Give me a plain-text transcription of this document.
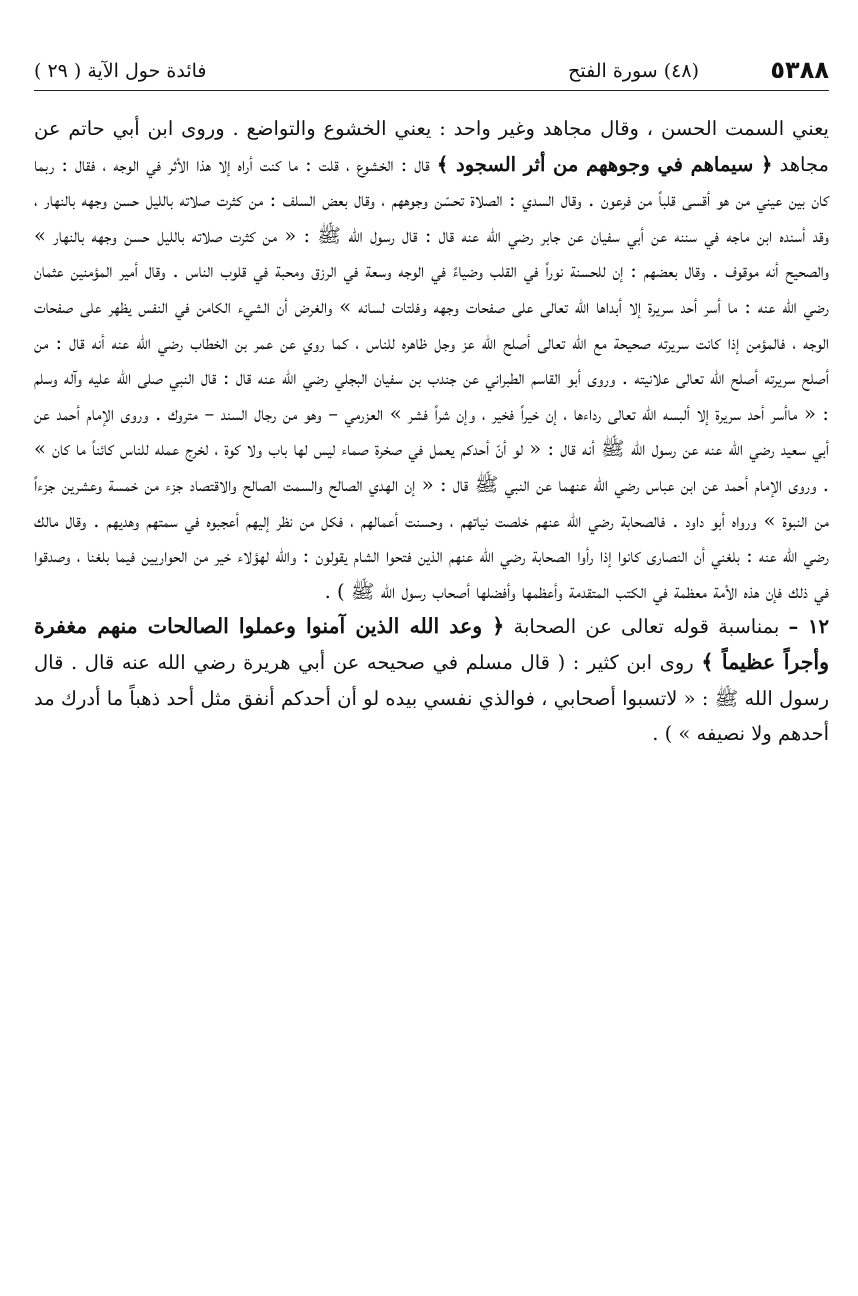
٥٣٨٨
(٤٨) سورة الفتح
فائدة حول الآية ( ٢٩ )

يعني السمت الحسن ، وقال مجاهد وغير واحد : يعني الخشوع والتواضع . وروى ابن أبي حاتم عن مجاهد ﴿ سيماهم في وجوههم من أثر السجود ﴾ قال : الخشوع ، قلت : ما كنت أراه إلا هذا الأثر في الوجه ، فقال : ربما كان بين عيني من هو أقسى قلباً من فرعون . وقال السدي : الصلاة تحسّن وجوههم ، وقال بعض السلف : من كثرت صلاته بالليل حسن وجهه بالنهار ، وقد أسنده ابن ماجه في سننه عن أبي سفيان عن جابر رضي الله عنه قال : قال رسول الله ﷺ : « من كثرت صلاته بالليل حسن وجهه بالنهار » والصحيح أنه موقوف . وقال بعضهم : إن للحسنة نوراً في القلب وضياءً في الوجه وسعة في الرزق ومحبة في قلوب الناس . وقال أمير المؤمنين عثمان رضي الله عنه : ما أسر أحد سريرة إلا أبداها الله تعالى على صفحات وجهه وفلتات لسانه » والغرض أن الشيء الكامن في النفس يظهر على صفحات الوجه ، فالمؤمن إذا كانت سريرته صحيحة مع الله تعالى أصلح الله عز وجل ظاهره للناس ، كما روي عن عمر بن الخطاب رضي الله عنه أنه قال : من أصلح سريرته أصلح الله تعالى علانيته . وروى أبو القاسم الطبراني عن جندب بن سفيان البجلي رضي الله عنه قال : قال النبي صلى الله عليه وآله وسلم : « ماأسر أحد سريرة إلا ألبسه الله تعالى رداءها ، إن خيراً فخير ، وإن شراً فشر » العزرمي – وهو من رجال السند – متروك . وروى الإمام أحمد عن أبي سعيد رضي الله عنه عن رسول الله ﷺ أنه قال : « لو أنّ أحدكم يعمل في صخرة صماء ليس لها باب ولا كوة ، لخرج عمله للناس كائناً ما كان » . وروى الإمام أحمد عن ابن عباس رضي الله عنهما عن النبي ﷺ قال : « إن الهدي الصالح والسمت الصالح والاقتصاد جزء من خمسة وعشرين جزءاً من النبوة » ورواه أبو داود . فالصحابة رضي الله عنهم خلصت نياتهم ، وحسنت أعمالهم ، فكل من نظر إليهم أعجبوه في سمتهم وهديهم . وقال مالك رضي الله عنه : بلغني أن النصارى كانوا إذا رأوا الصحابة رضي الله عنهم الذين فتحوا الشام يقولون : والله لهؤلاء خير من الحواريين فيما بلغنا ، وصدقوا في ذلك فإن هذه الأمة معظمة في الكتب المتقدمة وأعظمها وأفضلها أصحاب رسول الله ﷺ ) .

١٢ – بمناسبة قوله تعالى عن الصحابة ﴿ وعد الله الذين آمنوا وعملوا الصالحات منهم مغفرة وأجراً عظيماً ﴾ روى ابن كثير : ( قال مسلم في صحيحه عن أبي هريرة رضي الله عنه قال . قال رسول الله ﷺ : « لاتسبوا أصحابي ، فوالذي نفسي بيده لو أن أحدكم أنفق مثل أحد ذهباً ما أدرك مد أحدهم ولا نصيفه » ) .
